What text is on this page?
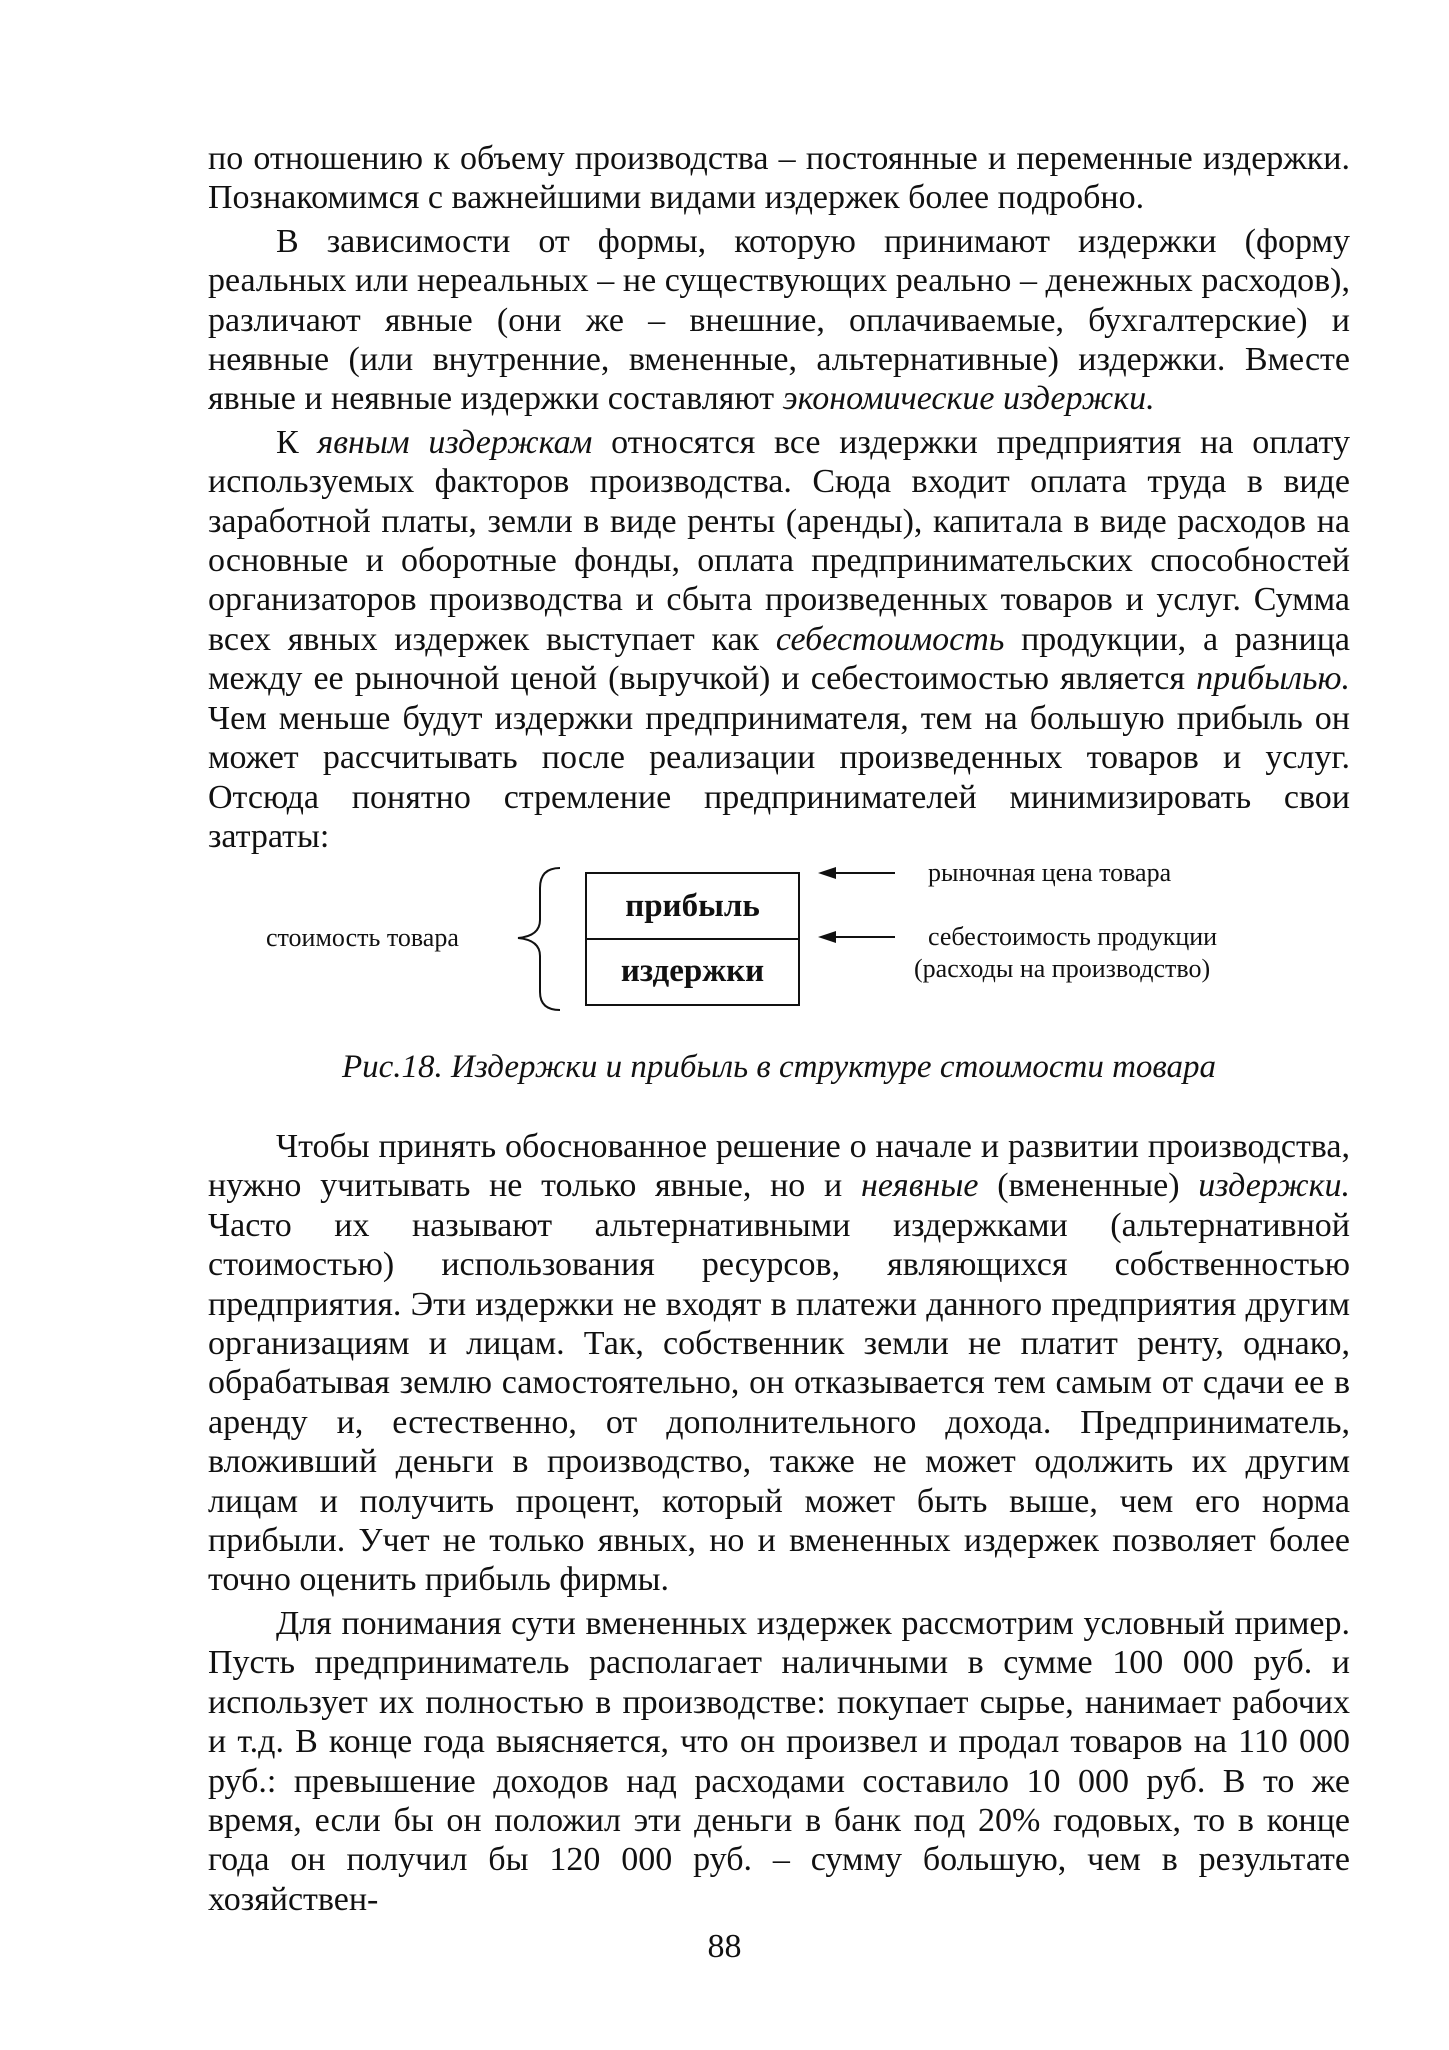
по отношению к объему производства – постоянные и переменные издержки. Познакомимся с важнейшими видами издержек более подробно.

В зависимости от формы, которую принимают издержки (форму реальных или нереальных – не существующих реально – денежных расходов), различают явные (они же – внешние, оплачиваемые, бухгалтерские) и неявные (или внутренние, вмененные, альтернативные) издержки. Вместе явные и неявные издержки составляют экономические издержки.

К явным издержкам относятся все издержки предприятия на оплату используемых факторов производства. Сюда входит оплата труда в виде заработной платы, земли в виде ренты (аренды), капитала в виде расходов на основные и оборотные фонды, оплата предпринимательских способностей организаторов производства и сбыта произведенных товаров и услуг. Сумма всех явных издержек выступает как себестоимость продукции, а разница между ее рыночной ценой (выручкой) и себестоимостью является прибылью. Чем меньше будут издержки предпринимателя, тем на большую прибыль он может рассчитывать после реализации произведенных товаров и услуг. Отсюда понятно стремление предпринимателей минимизировать свои затраты:

прибыль
издержки
стоимость товара
рыночная цена товара
себестоимость продукции
(расходы на производство)
Рис.18. Издержки и прибыль в структуре стоимости товара

Чтобы принять обоснованное решение о начале и развитии производства, нужно учитывать не только явные, но и неявные (вмененные) издержки. Часто их называют альтернативными издержками (альтернативной стоимостью) использования ресурсов, являющихся собственностью предприятия. Эти издержки не входят в платежи данного предприятия другим организациям и лицам. Так, собственник земли не платит ренту, однако, обрабатывая землю самостоятельно, он отказывается тем самым от сдачи ее в аренду и, естественно, от дополнительного дохода. Предприниматель, вложивший деньги в производство, также не может одолжить их другим лицам и получить процент, который может быть выше, чем его норма прибыли. Учет не только явных, но и вмененных издержек позволяет более точно оценить прибыль фирмы.

Для понимания сути вмененных издержек рассмотрим условный пример. Пусть предприниматель располагает наличными в сумме 100 000 руб. и использует их полностью в производстве: покупает сырье, нанимает рабочих и т.д. В конце года выясняется, что он произвел и продал товаров на 110 000 руб.: превышение доходов над расходами составило 10 000 руб. В то же время, если бы он положил эти деньги в банк под 20% годовых, то в конце года он получил бы 120 000 руб. – сумму большую, чем в результате хозяйствен-

88
